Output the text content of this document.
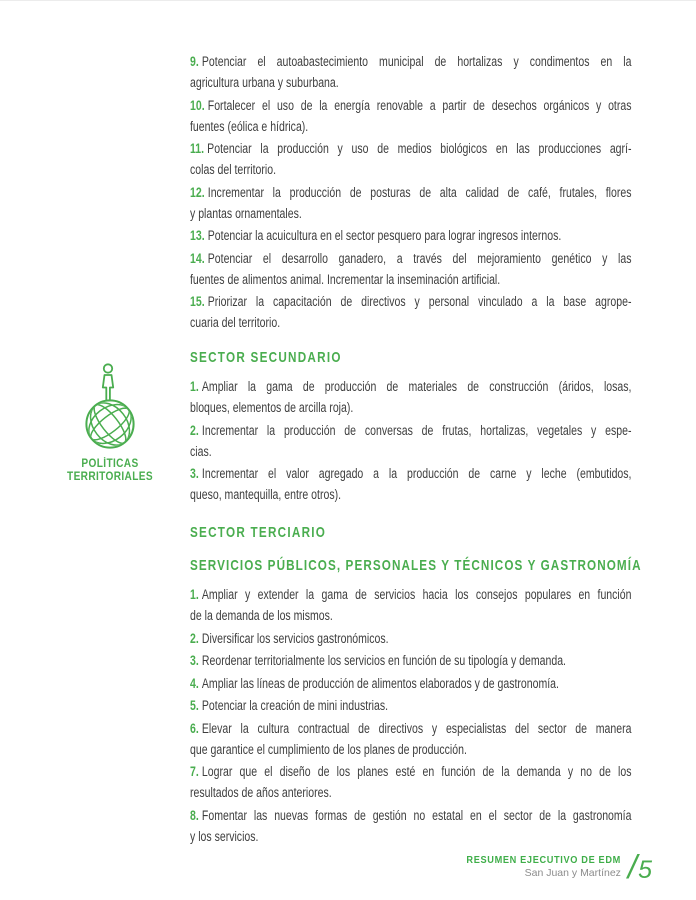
POLÍTICAS
TERRITORIALES

9. Potenciar el autoabastecimiento municipal de hortalizas y condimentos en la
agricultura urbana y suburbana.

10. Fortalecer el uso de la energía renovable a partir de desechos orgánicos y otras
fuentes (eólica e hídrica).

11. Potenciar la producción y uso de medios biológicos en las producciones agrí-
colas del territorio.

12. Incrementar la producción de posturas de alta calidad de café, frutales, flores
y plantas ornamentales.

13. Potenciar la acuicultura en el sector pesquero para lograr ingresos internos.

14. Potenciar el desarrollo ganadero, a través del mejoramiento genético y las
fuentes de alimentos animal. Incrementar la inseminación artificial.

15. Priorizar la capacitación de directivos y personal vinculado a la base agrope-
cuaria del territorio.

SECTOR SECUNDARIO

1. Ampliar la gama de producción de materiales de construcción (áridos, losas,
bloques, elementos de arcilla roja).

2. Incrementar la producción de conversas de frutas, hortalizas, vegetales y espe-
cias.

3. Incrementar el valor agregado a la producción de carne y leche (embutidos,
queso, mantequilla, entre otros).

SECTOR TERCIARIO
SERVICIOS PÚBLICOS, PERSONALES Y TÉCNICOS Y GASTRONOMÍA

1. Ampliar y extender la gama de servicios hacia los consejos populares en función
de la demanda de los mismos.

2. Diversificar los servicios gastronómicos.

3. Reordenar territorialmente los servicios en función de su tipología y demanda.

4. Ampliar las líneas de producción de alimentos elaborados y de gastronomía.

5. Potenciar la creación de mini industrias.

6. Elevar la cultura contractual de directivos y especialistas del sector de manera
que garantice el cumplimiento de los planes de producción.

7. Lograr que el diseño de los planes esté en función de la demanda y no de los
resultados de años anteriores.

8. Fomentar las nuevas formas de gestión no estatal en el sector de la gastronomía
y los servicios.

RESUMEN EJECUTIVO DE EDM
San Juan y Martínez /5
